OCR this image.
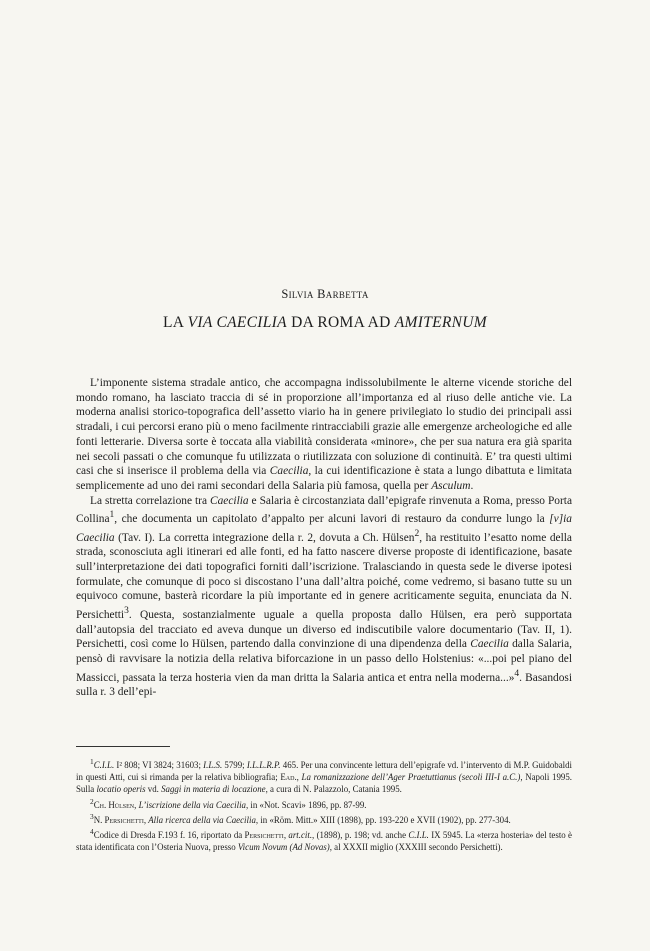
Silvia Barbetta
LA VIA CAECILIA DA ROMA AD AMITERNUM

L’imponente sistema stradale antico, che accompagna indissolubilmente le alterne vicende storiche del mondo romano, ha lasciato traccia di sé in proporzione all’importanza ed al riuso delle antiche vie. La moderna analisi storico-topografica dell’assetto viario ha in genere privilegiato lo studio dei principali assi stradali, i cui percorsi erano più o meno facilmente rintracciabili grazie alle emergenze archeologiche ed alle fonti letterarie. Diversa sorte è toccata alla viabilità considerata «minore», che per sua natura era già sparita nei secoli passati o che comunque fu utilizzata o riutilizzata con soluzione di continuità. E’ tra questi ultimi casi che si inserisce il problema della via Caecilia, la cui identificazione è stata a lungo dibattuta e limitata semplicemente ad uno dei rami secondari della Salaria più famosa, quella per Asculum.

La stretta correlazione tra Caecilia e Salaria è circostanziata dall’epigrafe rinvenuta a Roma, presso Porta Collina$^1$, che documenta un capitolato d’appalto per alcuni lavori di restauro da condurre lungo la [v]ia Caecilia (Tav. I). La corretta integrazione della r. 2, dovuta a Ch. Hülsen$^2$, ha restituito l’esatto nome della strada, sconosciuta agli itinerari ed alle fonti, ed ha fatto nascere diverse proposte di identificazione, basate sull’interpretazione dei dati topografici forniti dall’iscrizione. Tralasciando in questa sede le diverse ipotesi formulate, che comunque di poco si discostano l’una dall’altra poiché, come vedremo, si basano tutte su un equivoco comune, basterà ricordare la più importante ed in genere acriticamente seguita, enunciata da N. Persichetti$^3$. Questa, sostanzialmente uguale a quella proposta dallo Hülsen, era però supportata dall’autopsia del tracciato ed aveva dunque un diverso ed indiscutibile valore documentario (Tav. II, 1). Persichetti, così come lo Hülsen, partendo dalla convinzione di una dipendenza della Caecilia dalla Salaria, pensò di ravvisare la notizia della relativa biforcazione in un passo dello Holstenius: «...poi pel piano del Massicci, passata la terza hosteria vien da man dritta la Salaria antica et entra nella moderna...»$^4$. Basandosi sulla r. 3 dell’epi-

$^1$C.I.L. I² 808; VI 3824; 31603; I.L.S. 5799; I.L.L.R.P. 465. Per una convincente lettura dell’epigrafe vd. l’intervento di M.P. Guidobaldi in questi Atti, cui si rimanda per la relativa bibliografia; Ead., La romanizzazione dell’Ager Praetuttianus (secoli III-I a.C.), Napoli 1995. Sulla locatio operis vd. Saggi in materia di locazione, a cura di N. Palazzolo, Catania 1995.

$^2$Ch. Hülsen, L’iscrizione della via Caecilia, in «Not. Scavi» 1896, pp. 87-99.

$^3$N. Persichetti, Alla ricerca della via Caecilia, in «Röm. Mitt.» XIII (1898), pp. 193-220 e XVII (1902), pp. 277-304.

$^4$Codice di Dresda F.193 f. 16, riportato da Persichetti, art.cit., (1898), p. 198; vd. anche C.I.L. IX 5945. La «terza hosteria» del testo è stata identificata con l’Osteria Nuova, presso Vicum Novum (Ad Novas), al XXXII miglio (XXXIII secondo Persichetti).
